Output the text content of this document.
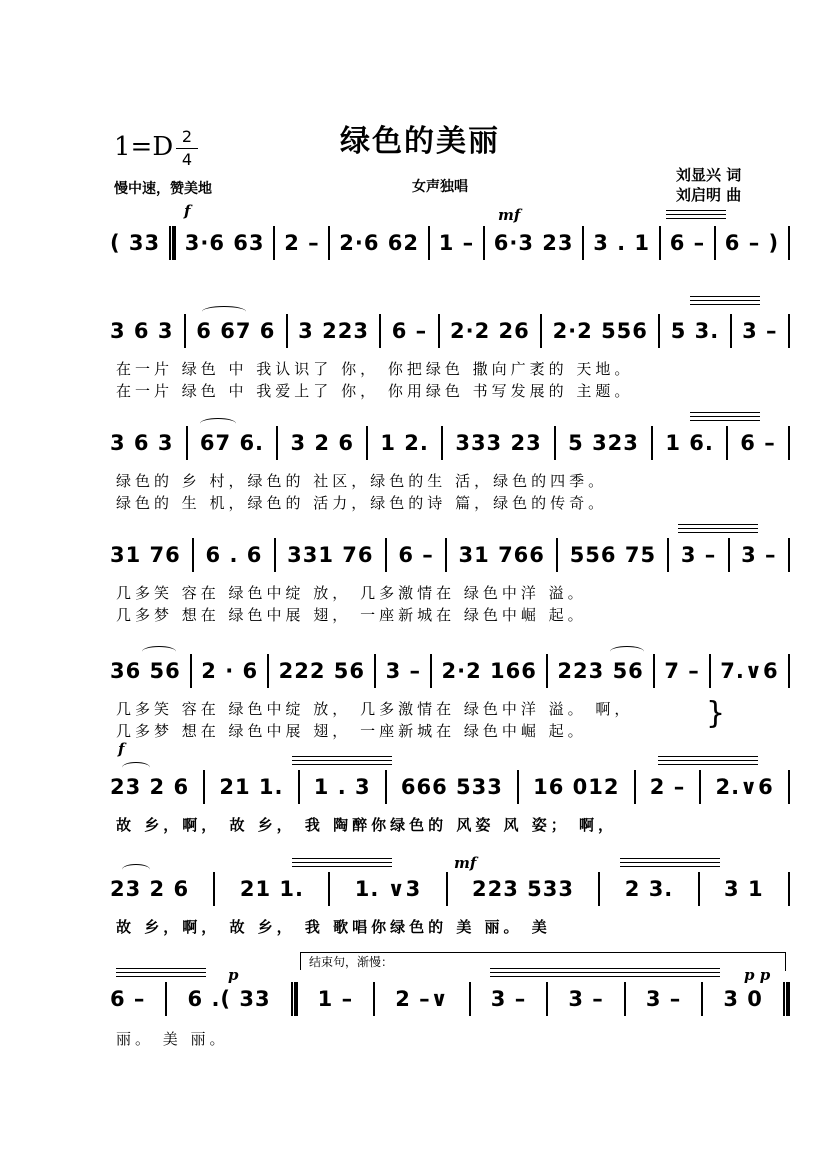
绿色的美丽
1=D 2
4
慢中速，赞美地	女声独唱
刘显兴 词
刘启明 曲
f	mf
f
mf
p	p p
结束句，渐慢：
( 33 3·6 63 2 – 2·6 62 1 – 6·3 23 3 . 1 6 – 6 – )
3 6 3 6 67 6 3 223 6 – 2·2 26 2·2 556 5 3. 3 –
在一片 绿色 中 我认识了 你， 你把绿色 撒向广袤的 天地。
在一片 绿色 中 我爱上了 你， 你用绿色 书写发展的 主题。
3 6 3 67 6. 3 2 6 1 2. 333 23 5 323 1 6. 6 –
绿色的 乡 村，绿色的 社区，绿色的生 活，绿色的四季。
绿色的 生 机，绿色的 活力，绿色的诗 篇，绿色的传奇。
31 76 6 . 6 331 76 6 – 31 766 556 75 3 – 3 –
几多笑 容在 绿色中绽 放， 几多激情在 绿色中洋 溢。
几多梦 想在 绿色中展 翅， 一座新城在 绿色中崛 起。
36 56 2 · 6 222 56 3 – 2·2 166 223 56 7 – 7.∨6
几多笑 容在 绿色中绽 放， 几多激情在 绿色中洋 溢。 啊，
几多梦 想在 绿色中展 翅， 一座新城在 绿色中崛 起。	}
23 2 6 21 1. 1 . 3 666 533 16 012 2 – 2.∨6
故 乡，啊， 故 乡， 我 陶醉你绿色的 风姿 风 姿； 啊，
23 2 6 21 1. 1. ∨3 223 533 2 3. 3 1
故 乡，啊， 故 乡， 我 歌唱你绿色的 美 丽。 美
6 – 6 .( 33 1 – 2 –∨ 3 – 3 – 3 – 3 0
丽。 美 丽。
